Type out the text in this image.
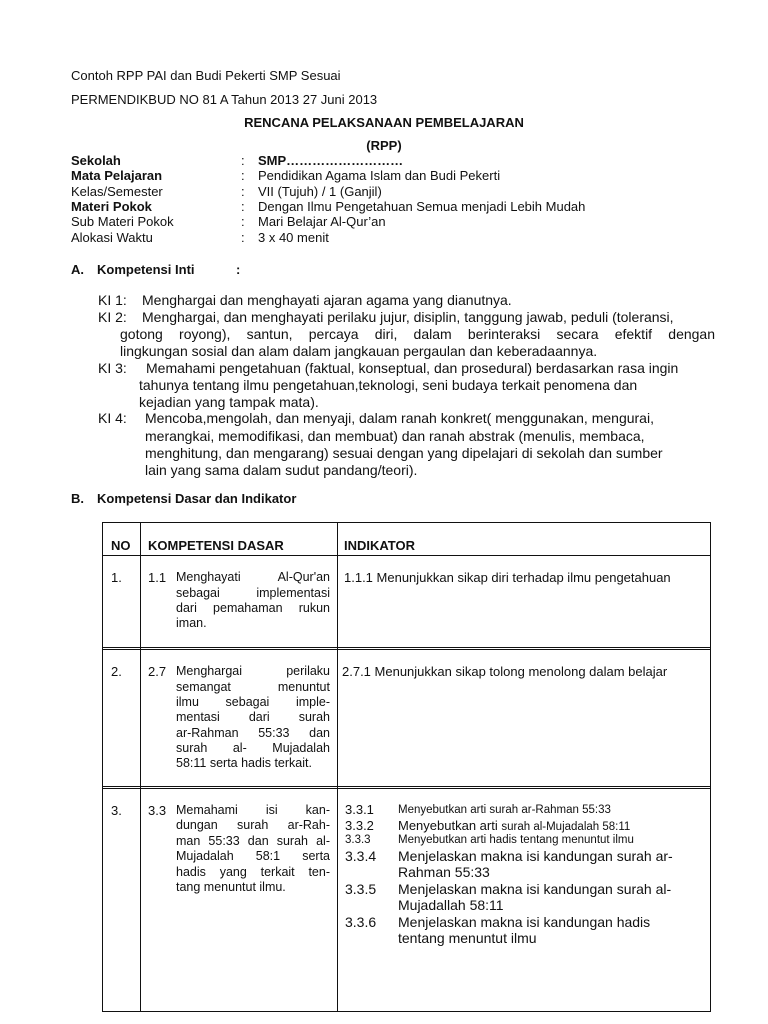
Contoh RPP PAI dan Budi Pekerti SMP Sesuai
PERMENDIKBUD NO 81 A Tahun 2013 27 Juni 2013
RENCANA PELAKSANAAN PEMBELAJARAN
(RPP)
Sekolah	: SMP………………………
Mata Pelajaran	: Pendidikan Agama Islam dan Budi Pekerti
Kelas/Semester	: VII (Tujuh) / 1 (Ganjil)
Materi Pokok	: Dengan Ilmu Pengetahuan Semua menjadi Lebih Mudah
Sub Materi Pokok	: Mari Belajar Al-Qur’an
Alokasi Waktu	: 3 x 40 menit
A. Kompetensi Inti	:
KI 1: Menghargai dan menghayati ajaran agama yang dianutnya.
KI 2: Menghargai, dan menghayati perilaku jujur, disiplin, tanggung jawab, peduli (toleransi,
gotong royong), santun, percaya diri, dalam berinteraksi secara efektif dengan
lingkungan sosial dan alam dalam jangkauan pergaulan dan keberadaannya.
KI 3: Memahami pengetahuan (faktual, konseptual, dan prosedural) berdasarkan rasa ingin
tahunya tentang ilmu pengetahuan,teknologi, seni budaya terkait penomena dan
kejadian yang tampak mata).
KI 4: Mencoba,mengolah, dan menyaji, dalam ranah konkret( menggunakan, mengurai,
merangkai, memodifikasi, dan membuat) dan ranah abstrak (menulis, membaca,
menghitung, dan mengarang) sesuai dengan yang dipelajari di sekolah dan sumber
lain yang sama dalam sudut pandang/teori).
B. Kompetensi Dasar dan Indikator
NO KOMPETENSI DASAR	INDIKATOR
1. 1.1 Menghayati Al-Qur'an
sebagai implementasi
dari pemahaman rukun
iman.
1.1.1 Menunjukkan sikap diri terhadap ilmu pengetahuan
2. 2.7 Menghargai perilaku
semangat menuntut
ilmu sebagai imple-
mentasi dari surah
ar-Rahman 55:33 dan
surah al- Mujadalah
58:11 serta hadis terkait.
2.7.1 Menunjukkan sikap tolong menolong dalam belajar
3. 3.3 Memahami isi kan-
dungan surah ar-Rah-
man 55:33 dan surah al-
Mujadalah 58:1 serta
hadis yang terkait ten-
tang menuntut ilmu.
3.3.1 Menyebutkan arti surah ar-Rahman 55:33
3.3.2 Menyebutkan arti surah al-Mujadalah 58:11
3.3.3 Menyebutkan arti hadis tentang menuntut ilmu
3.3.4 Menjelaskan makna isi kandungan surah ar-
Rahman 55:33
3.3.5 Menjelaskan makna isi kandungan surah al-
Mujadallah 58:11
3.3.6 Menjelaskan makna isi kandungan hadis
tentang menuntut ilmu
